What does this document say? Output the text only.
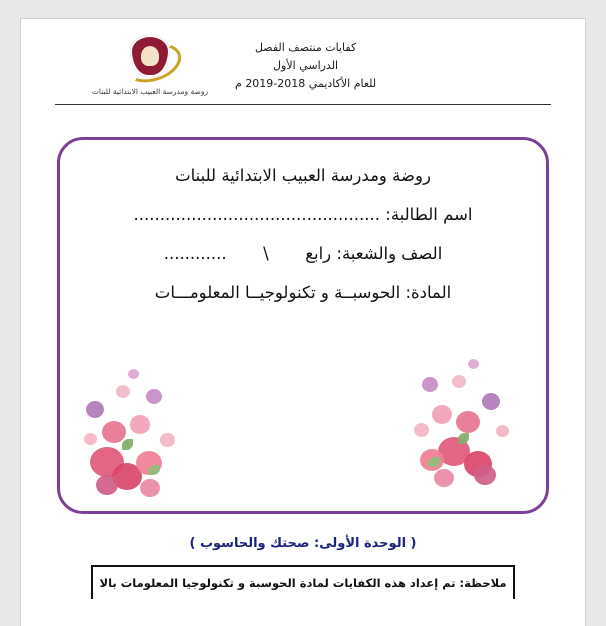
روضة ومدرسة العبيب الابتدائية للبنات
كفايات منتصف الفصل
الدراسي الأول
للعام الأكاديمي 2018-2019 م
روضة ومدرسة العبيب الابتدائية للبنات
اسم الطالبة: ...............................................
الصف والشعبة: رابع  \  ............
المادة: الحوسبــة و تكنولوجيــا المعلومـــات
( الوحدة الأولى: صحتك والحاسوب )
ملاحظة: تم إعداد هذه الكفايات لمادة الحوسبة و تكنولوجيا المعلومات بالا
